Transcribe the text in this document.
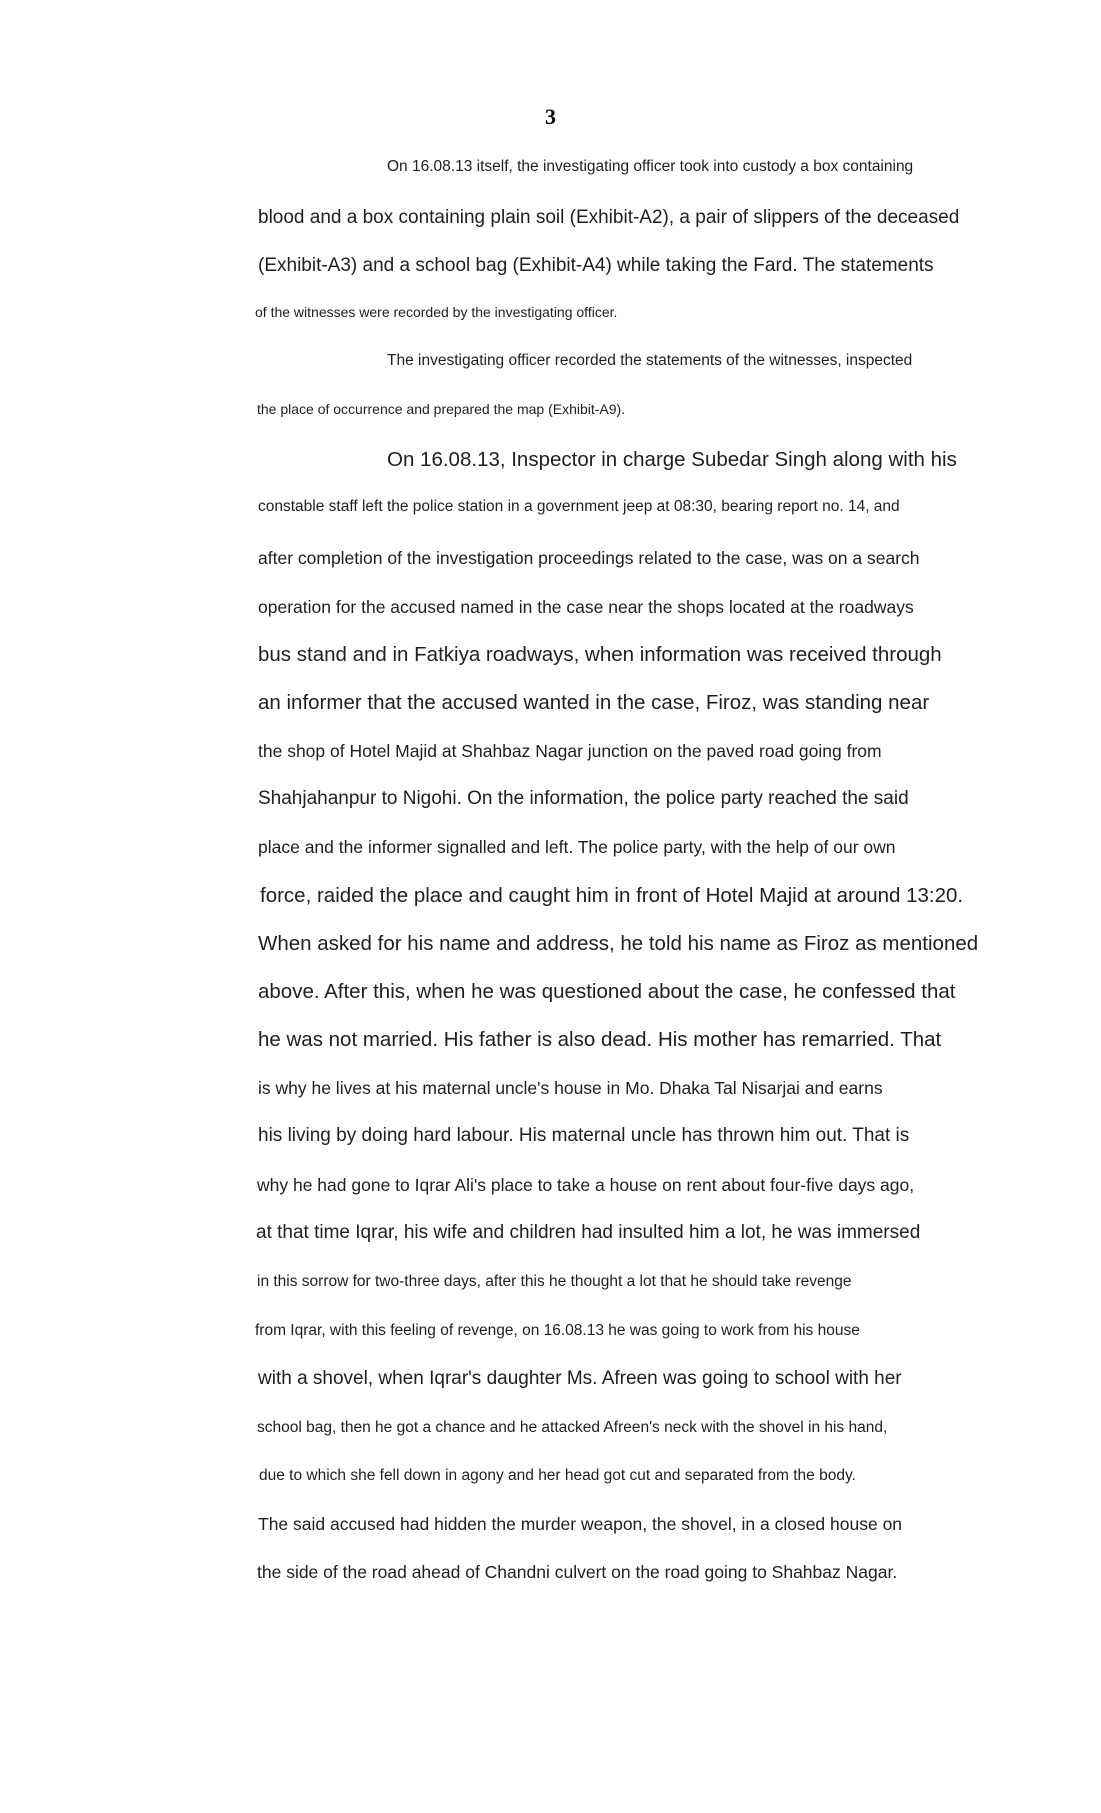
3
On 16.08.13 itself, the investigating officer took into custody a box containing
blood and a box containing plain soil (Exhibit-A2), a pair of slippers of the deceased
(Exhibit-A3) and a school bag (Exhibit-A4) while taking the Fard. The statements
of the witnesses were recorded by the investigating officer.
The investigating officer recorded the statements of the witnesses, inspected
the place of occurrence and prepared the map (Exhibit-A9).
On 16.08.13, Inspector in charge Subedar Singh along with his
constable staff left the police station in a government jeep at 08:30, bearing report no. 14, and
after completion of the investigation proceedings related to the case, was on a search
operation for the accused named in the case near the shops located at the roadways
bus stand and in Fatkiya roadways, when information was received through
an informer that the accused wanted in the case, Firoz, was standing near
the shop of Hotel Majid at Shahbaz Nagar junction on the paved road going from
Shahjahanpur to Nigohi. On the information, the police party reached the said
place and the informer signalled and left. The police party, with the help of our own
force, raided the place and caught him in front of Hotel Majid at around 13:20.
When asked for his name and address, he told his name as Firoz as mentioned
above. After this, when he was questioned about the case, he confessed that
he was not married. His father is also dead. His mother has remarried. That
is why he lives at his maternal uncle's house in Mo. Dhaka Tal Nisarjai and earns
his living by doing hard labour. His maternal uncle has thrown him out. That is
why he had gone to Iqrar Ali's place to take a house on rent about four-five days ago,
at that time Iqrar, his wife and children had insulted him a lot, he was immersed
in this sorrow for two-three days, after this he thought a lot that he should take revenge
from Iqrar, with this feeling of revenge, on 16.08.13 he was going to work from his house
with a shovel, when Iqrar's daughter Ms. Afreen was going to school with her
school bag, then he got a chance and he attacked Afreen's neck with the shovel in his hand,
due to which she fell down in agony and her head got cut and separated from the body.
The said accused had hidden the murder weapon, the shovel, in a closed house on
the side of the road ahead of Chandni culvert on the road going to Shahbaz Nagar.
